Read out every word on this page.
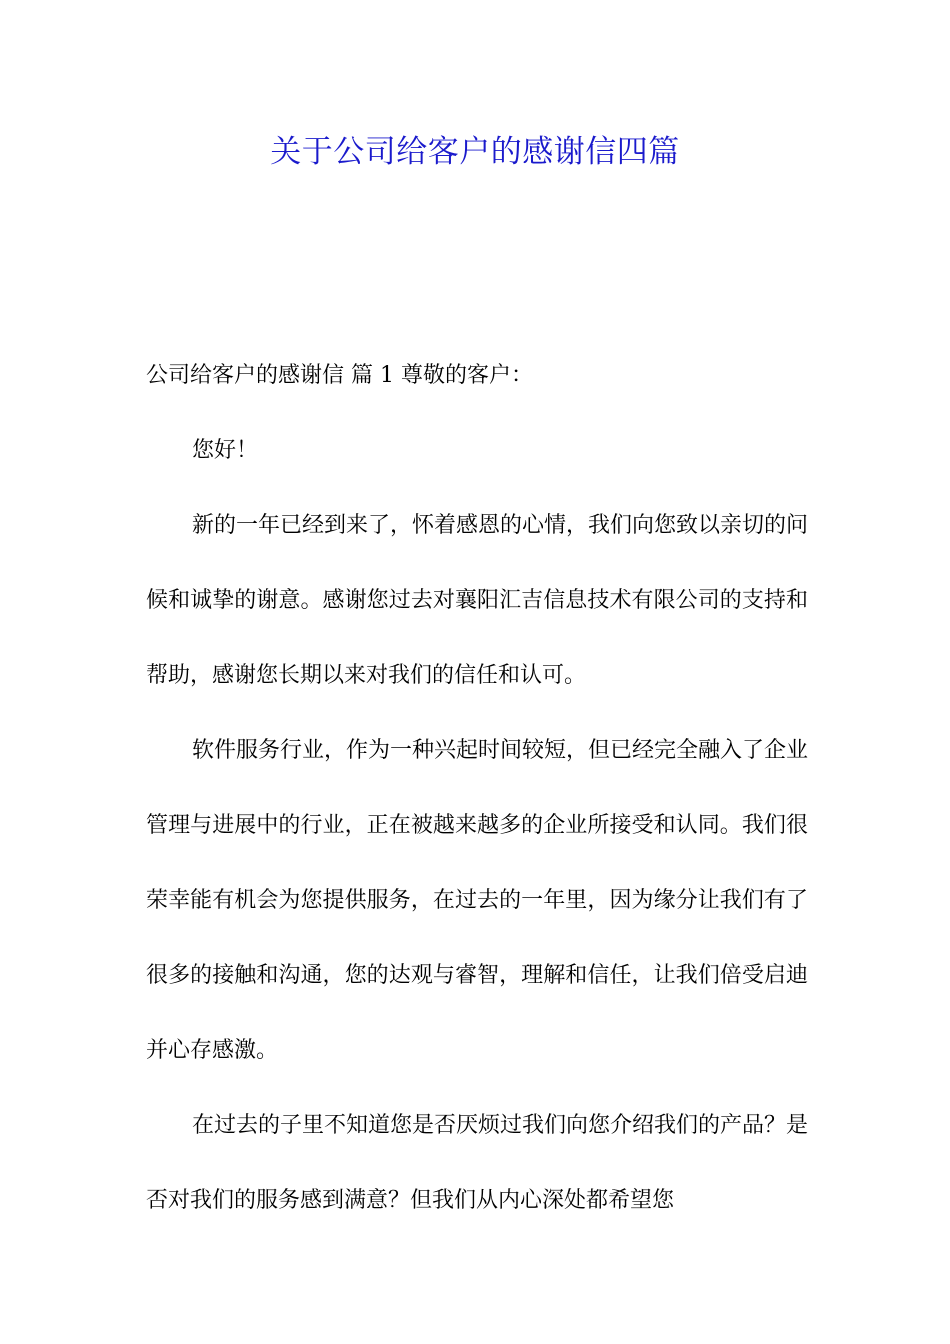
关于公司给客户的感谢信四篇

公司给客户的感谢信 篇 1 尊敬的客户：

您好！

新的一年已经到来了，怀着感恩的心情，我们向您致以亲切的问候和诚挚的谢意。感谢您过去对襄阳汇吉信息技术有限公司的支持和帮助，感谢您长期以来对我们的信任和认可。

软件服务行业，作为一种兴起时间较短，但已经完全融入了企业管理与进展中的行业，正在被越来越多的企业所接受和认同。我们很荣幸能有机会为您提供服务，在过去的一年里，因为缘分让我们有了很多的接触和沟通，您的达观与睿智，理解和信任，让我们倍受启迪并心存感激。

在过去的子里不知道您是否厌烦过我们向您介绍我们的产品？是否对我们的服务感到满意？但我们从内心深处都希望您
